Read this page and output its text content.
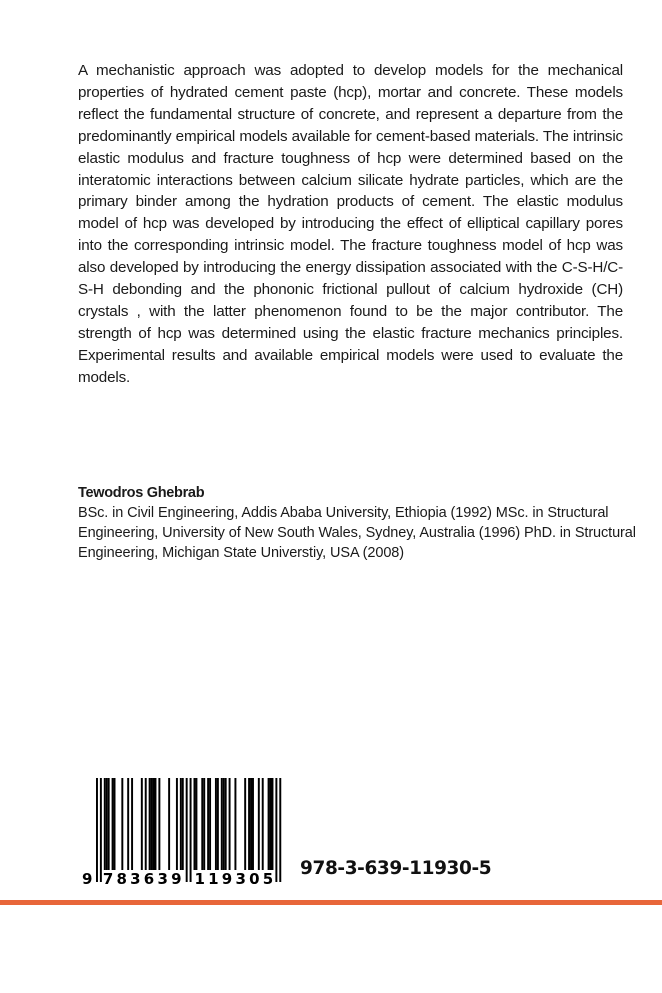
A mechanistic approach was adopted to develop models for the mechanical properties of hydrated cement paste (hcp), mortar and concrete. These models reflect the fundamental structure of concrete, and represent a departure from the predominantly empirical models available for cement-based materials. The intrinsic elastic modulus and fracture toughness of hcp were determined based on the interatomic interactions between calcium silicate hydrate particles, which are the primary binder among the hydration products of cement. The elastic modulus model of hcp was developed by introducing the effect of elliptical capillary pores into the corresponding intrinsic model. The fracture toughness model of hcp was also developed by introducing the energy dissipation associated with the C-S-H/C-S-H debonding and the phononic frictional pullout of calcium hydroxide (CH) crystals , with the latter phenomenon found to be the major contributor. The strength of hcp was determined using the elastic fracture mechanics principles. Experimental results and available empirical models were used to evaluate the models.

Tewodros Ghebrab
BSc. in Civil Engineering, Addis Ababa University, Ethiopia (1992) MSc. in Structural Engineering, University of New South Wales, Sydney, Australia (1996) PhD. in Structural Engineering, Michigan State Universtiy, USA (2008)
9 7 8 3 6 3 9 1 1 9 3 0 5 978-3-639-11930-5
